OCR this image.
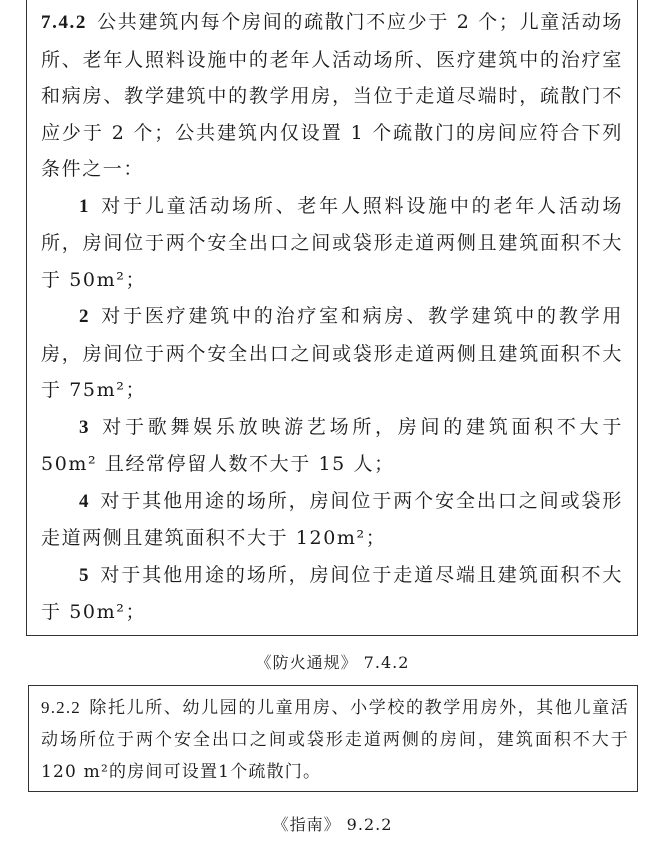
7.4.2 公共建筑内每个房间的疏散门不应少于 2 个；儿童活动场所、老年人照料设施中的老年人活动场所、医疗建筑中的治疗室和病房、教学建筑中的教学用房，当位于走道尽端时，疏散门不应少于 2 个；公共建筑内仅设置 1 个疏散门的房间应符合下列条件之一：

1 对于儿童活动场所、老年人照料设施中的老年人活动场所，房间位于两个安全出口之间或袋形走道两侧且建筑面积不大于 50m²；

2 对于医疗建筑中的治疗室和病房、教学建筑中的教学用房，房间位于两个安全出口之间或袋形走道两侧且建筑面积不大于 75m²；

3 对于歌舞娱乐放映游艺场所，房间的建筑面积不大于 50m² 且经常停留人数不大于 15 人；

4 对于其他用途的场所，房间位于两个安全出口之间或袋形走道两侧且建筑面积不大于 120m²；

5 对于其他用途的场所，房间位于走道尽端且建筑面积不大于 50m²；

《防火通规》 7.4.2

9.2.2 除托儿所、幼儿园的儿童用房、小学校的教学用房外，其他儿童活动场所位于两个安全出口之间或袋形走道两侧的房间，建筑面积不大于120 m²的房间可设置1个疏散门。

《指南》 9.2.2
